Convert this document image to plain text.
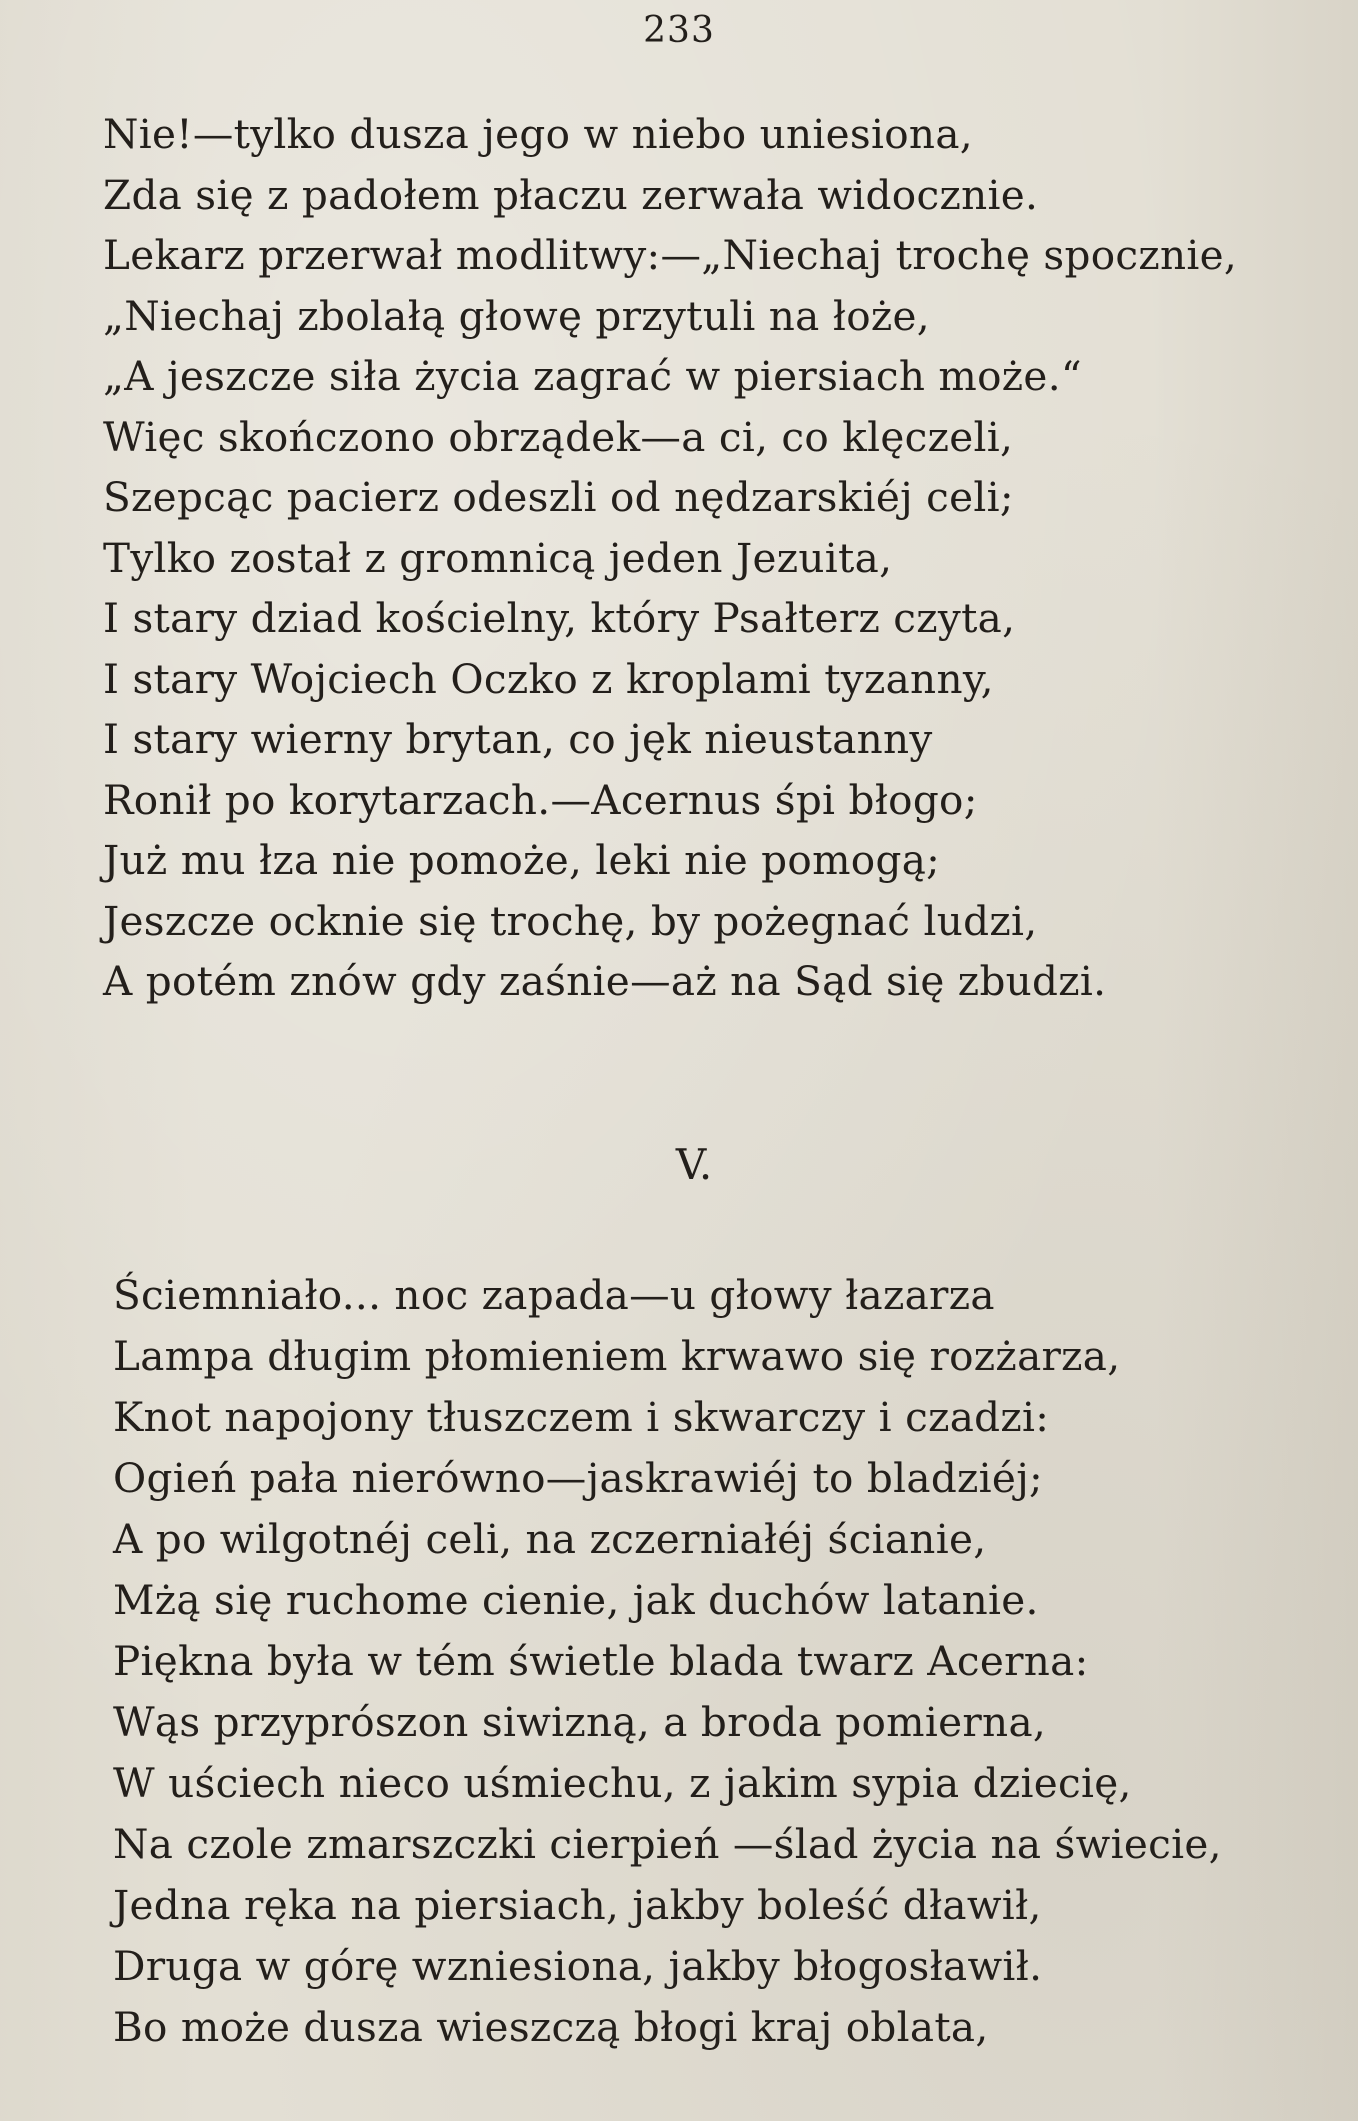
233
Nie!—tylko dusza jego w niebo uniesiona,
Zda się z padołem płaczu zerwała widocznie.
Lekarz przerwał modlitwy:—„Niechaj trochę spocznie,
„Niechaj zbolałą głowę przytuli na łoże,
„A jeszcze siła życia zagrać w piersiach może.“
Więc skończono obrządek—a ci, co klęczeli,
Szepcąc pacierz odeszli od nędzarskiéj celi;
Tylko został z gromnicą jeden Jezuita,
I stary dziad kościelny, który Psałterz czyta,
I stary Wojciech Oczko z kroplami tyzanny,
I stary wierny brytan, co jęk nieustanny
Ronił po korytarzach.—Acernus śpi błogo;
Już mu łza nie pomoże, leki nie pomogą;
Jeszcze ocknie się trochę, by pożegnać ludzi,
A potém znów gdy zaśnie—aż na Sąd się zbudzi.
V.
Ściemniało... noc zapada—u głowy łazarza
Lampa długim płomieniem krwawo się rozżarza,
Knot napojony tłuszczem i skwarczy i czadzi:
Ogień pała nierówno—jaskrawiéj to bladziéj;
A po wilgotnéj celi, na zczerniałéj ścianie,
Mżą się ruchome cienie, jak duchów latanie.
Piękna była w tém świetle blada twarz Acerna:
Wąs przyprószon siwizną, a broda pomierna,
W uściech nieco uśmiechu, z jakim sypia dziecię,
Na czole zmarszczki cierpień —ślad życia na świecie,
Jedna ręka na piersiach, jakby boleść dławił,
Druga w górę wzniesiona, jakby błogosławił.
Bo może dusza wieszczą błogi kraj oblata,
